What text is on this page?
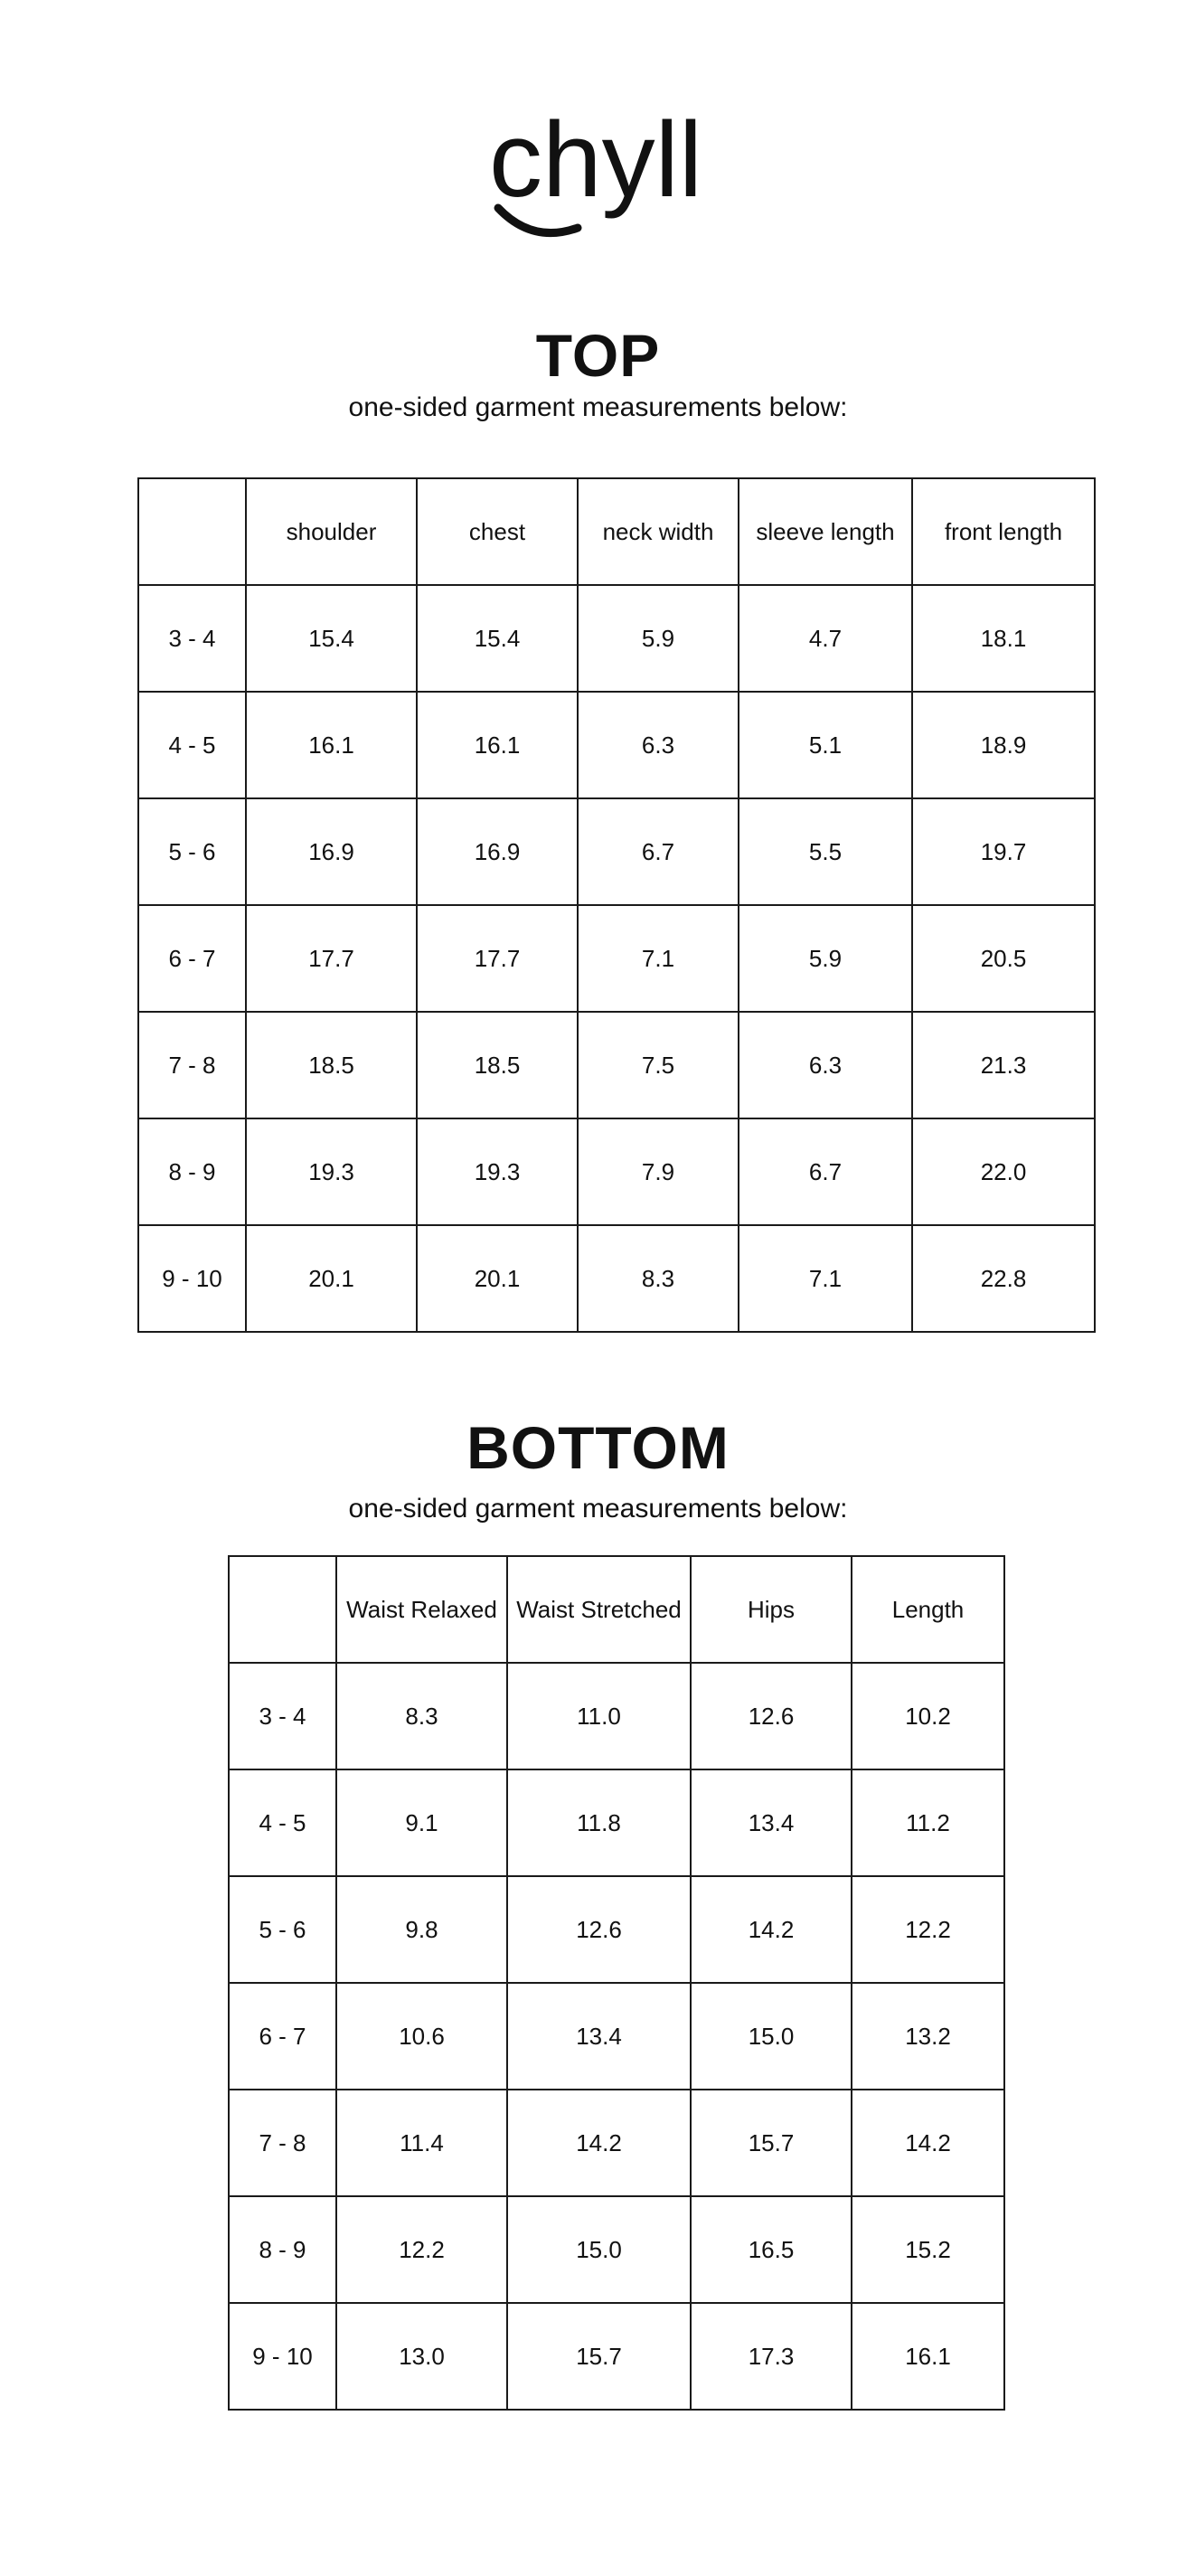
chyll
TOP
one-sided garment measurements below:
	shoulder	chest	neck width	sleeve length	front length
3 - 4	15.4	15.4	5.9	4.7	18.1
4 - 5	16.1	16.1	6.3	5.1	18.9
5 - 6	16.9	16.9	6.7	5.5	19.7
6 - 7	17.7	17.7	7.1	5.9	20.5
7 - 8	18.5	18.5	7.5	6.3	21.3
8 - 9	19.3	19.3	7.9	6.7	22.0
9 - 10	20.1	20.1	8.3	7.1	22.8
BOTTOM
one-sided garment measurements below:
	Waist Relaxed	Waist Stretched	Hips	Length
3 - 4	8.3	11.0	12.6	10.2
4 - 5	9.1	11.8	13.4	11.2
5 - 6	9.8	12.6	14.2	12.2
6 - 7	10.6	13.4	15.0	13.2
7 - 8	11.4	14.2	15.7	14.2
8 - 9	12.2	15.0	16.5	15.2
9 - 10	13.0	15.7	17.3	16.1
